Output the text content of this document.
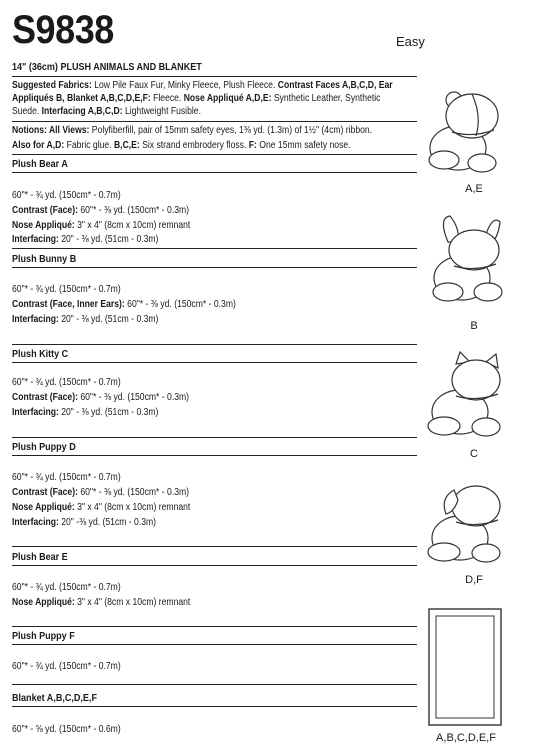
S9838	Easy
14" (36cm) PLUSH ANIMALS AND BLANKET
Suggested Fabrics: Low Pile Faux Fur, Minky Fleece, Plush Fleece. Contrast Faces A,B,C,D, Ear
Appliqués B, Blanket A,B,C,D,E,F: Fleece. Nose Appliqué A,D,E: Synthetic Leather, Synthetic
Suede. Interfacing A,B,C,D: Lightweight Fusible.
Notions: All Views: Polyfiberfill, pair of 15mm safety eyes, 1⅜ yd. (1.3m) of 1½" (4cm) ribbon.
Also for A,D: Fabric glue. B,C,E: Six strand embrodery floss. F: One 15mm safety nose.
Plush Bear A
60"* - ¾ yd. (150cm* - 0.7m)
Contrast (Face): 60"* - ⅜ yd. (150cm* - 0.3m)
Nose Appliqué: 3" x 4" (8cm x 10cm) remnant
Interfacing: 20" - ⅜ yd. (51cm - 0.3m)
Plush Bunny B
60"* - ¾ yd. (150cm* - 0.7m)
Contrast (Face, Inner Ears): 60"* - ⅜ yd. (150cm* - 0.3m)
Interfacing: 20" - ⅜ yd. (51cm - 0.3m)
Plush Kitty C
60"* - ¾ yd. (150cm* - 0.7m)
Contrast (Face): 60"* - ⅜ yd. (150cm* - 0.3m)
Interfacing: 20" - ⅜ yd. (51cm - 0.3m)
Plush Puppy D
60"* - ¾ yd. (150cm* - 0.7m)
Contrast (Face): 60"* - ⅜ yd. (150cm* - 0.3m)
Nose Appliqué: 3" x 4" (8cm x 10cm) remnant
Interfacing: 20" -⅜ yd. (51cm - 0.3m)
Plush Bear E
60"* - ¾ yd. (150cm* - 0.7m)
Nose Appliqué: 3" x 4" (8cm x 10cm) remnant
Plush Puppy F
60"* - ¾ yd. (150cm* - 0.7m)
Blanket A,B,C,D,E,F
60"* - ⅝ yd. (150cm* - 0.6m)
A,E
B
C
D,F
A,B,C,D,E,F
